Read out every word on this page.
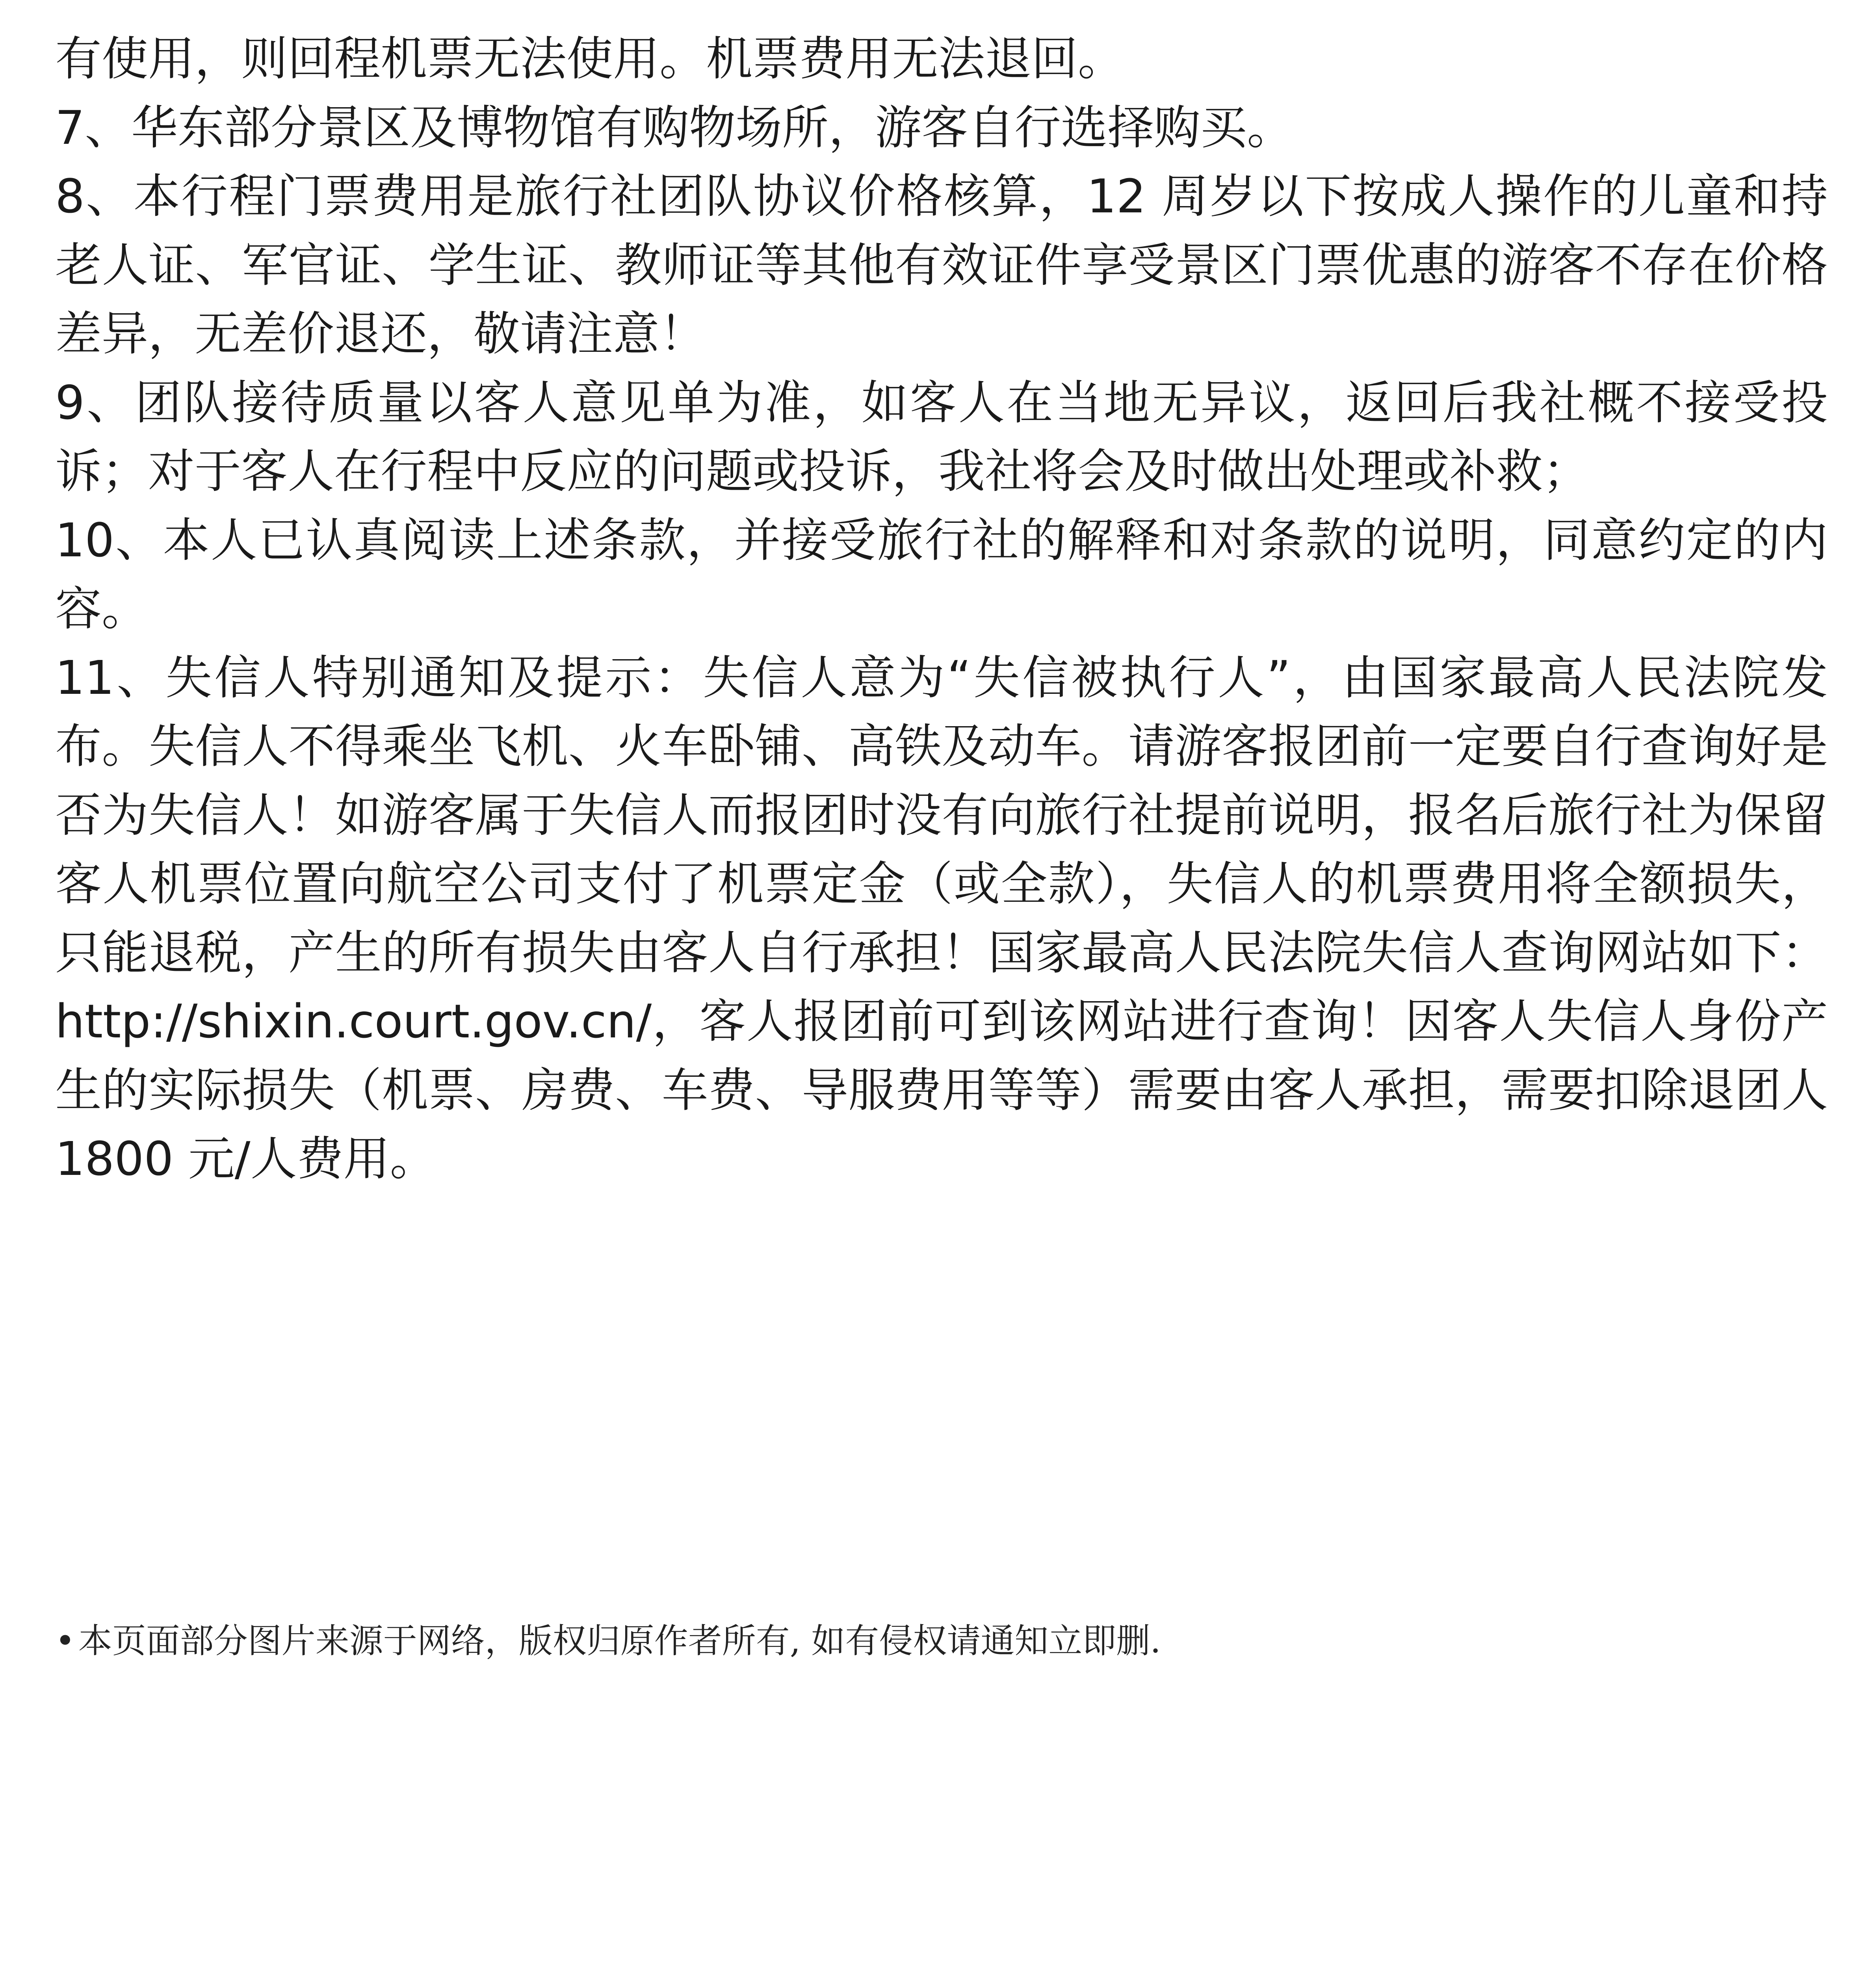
有使用，则回程机票无法使用。机票费用无法退回。

7、华东部分景区及博物馆有购物场所，游客自行选择购买。

8、本行程门票费用是旅行社团队协议价格核算，12 周岁以下按成人操作的儿童和持老人证、军官证、学生证、教师证等其他有效证件享受景区门票优惠的游客不存在价格差异，无差价退还，敬请注意！

9、团队接待质量以客人意见单为准，如客人在当地无异议，返回后我社概不接受投诉；对于客人在行程中反应的问题或投诉，我社将会及时做出处理或补救；

10、本人已认真阅读上述条款，并接受旅行社的解释和对条款的说明，同意约定的内容。

11、失信人特别通知及提示：失信人意为“失信被执行人”，由国家最高人民法院发布。失信人不得乘坐飞机、火车卧铺、高铁及动车。请游客报团前一定要自行查询好是否为失信人！如游客属于失信人而报团时没有向旅行社提前说明，报名后旅行社为保留客人机票位置向航空公司支付了机票定金（或全款），失信人的机票费用将全额损失，只能退税，产生的所有损失由客人自行承担！国家最高人民法院失信人查询网站如下：http://shixin.court.gov.cn/，客人报团前可到该网站进行查询！因客人失信人身份产生的实际损失（机票、房费、车费、导服费用等等）需要由客人承担，需要扣除退团人 1800 元/人费用。

•本页面部分图片来源于网络，版权归原作者所有, 如有侵权请通知立即删.
